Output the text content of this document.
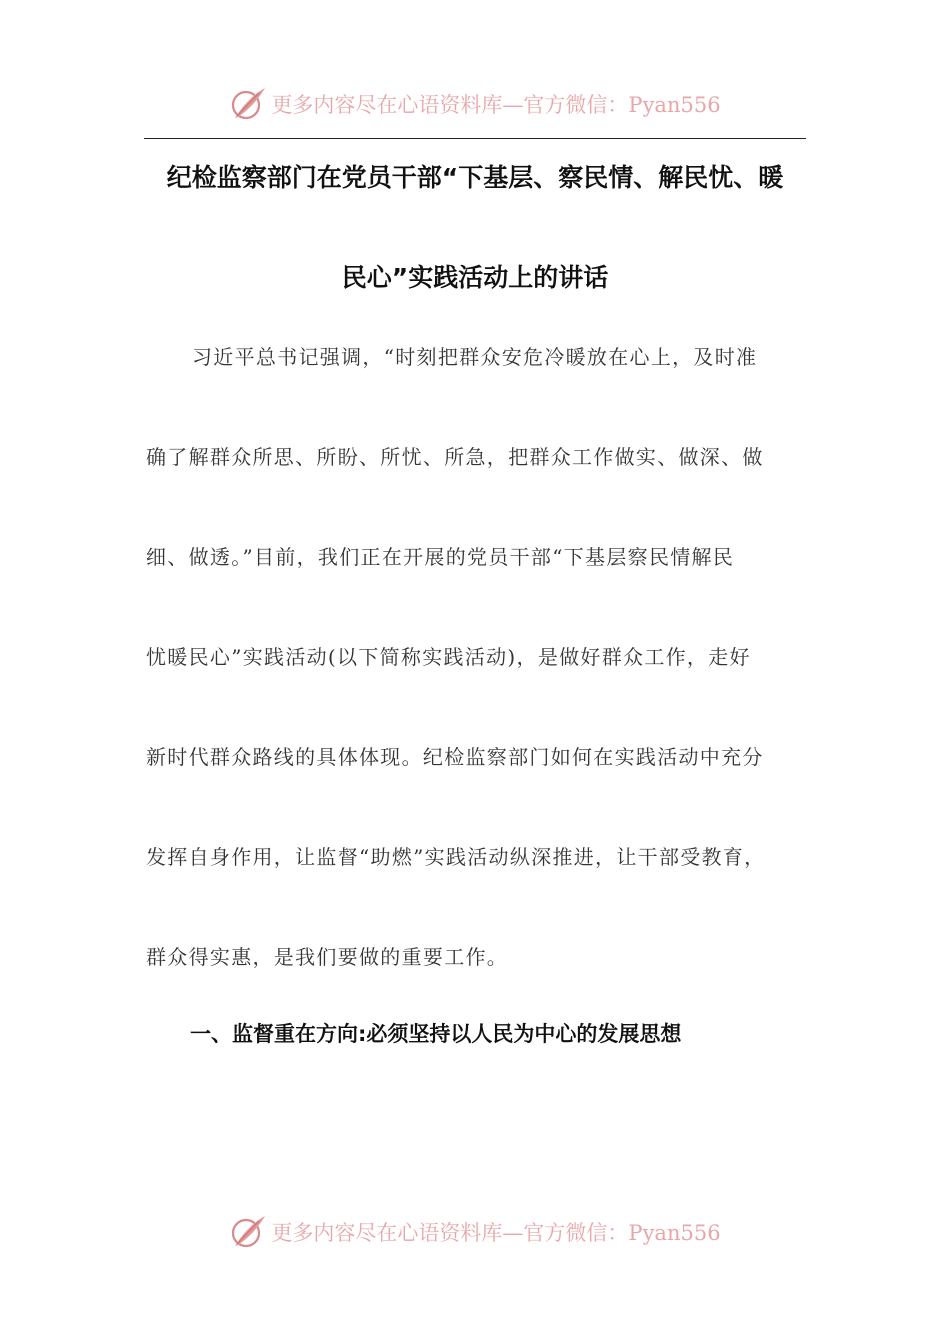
更多内容尽在心语资料库—官方微信：Pyan556
纪检监察部门在党员干部“下基层、察民情、解民忧、暖
民心”实践活动上的讲话
习近平总书记强调，“时刻把群众安危冷暖放在心上，及时准
确了解群众所思、所盼、所忧、所急，把群众工作做实、做深、做
细、做透。”目前，我们正在开展的党员干部“下基层察民情解民
忧暖民心”实践活动(以下简称实践活动)，是做好群众工作，走好
新时代群众路线的具体体现。纪检监察部门如何在实践活动中充分
发挥自身作用，让监督“助燃”实践活动纵深推进，让干部受教育，
群众得实惠，是我们要做的重要工作。
一、监督重在方向:必须坚持以人民为中心的发展思想
更多内容尽在心语资料库—官方微信：Pyan556
